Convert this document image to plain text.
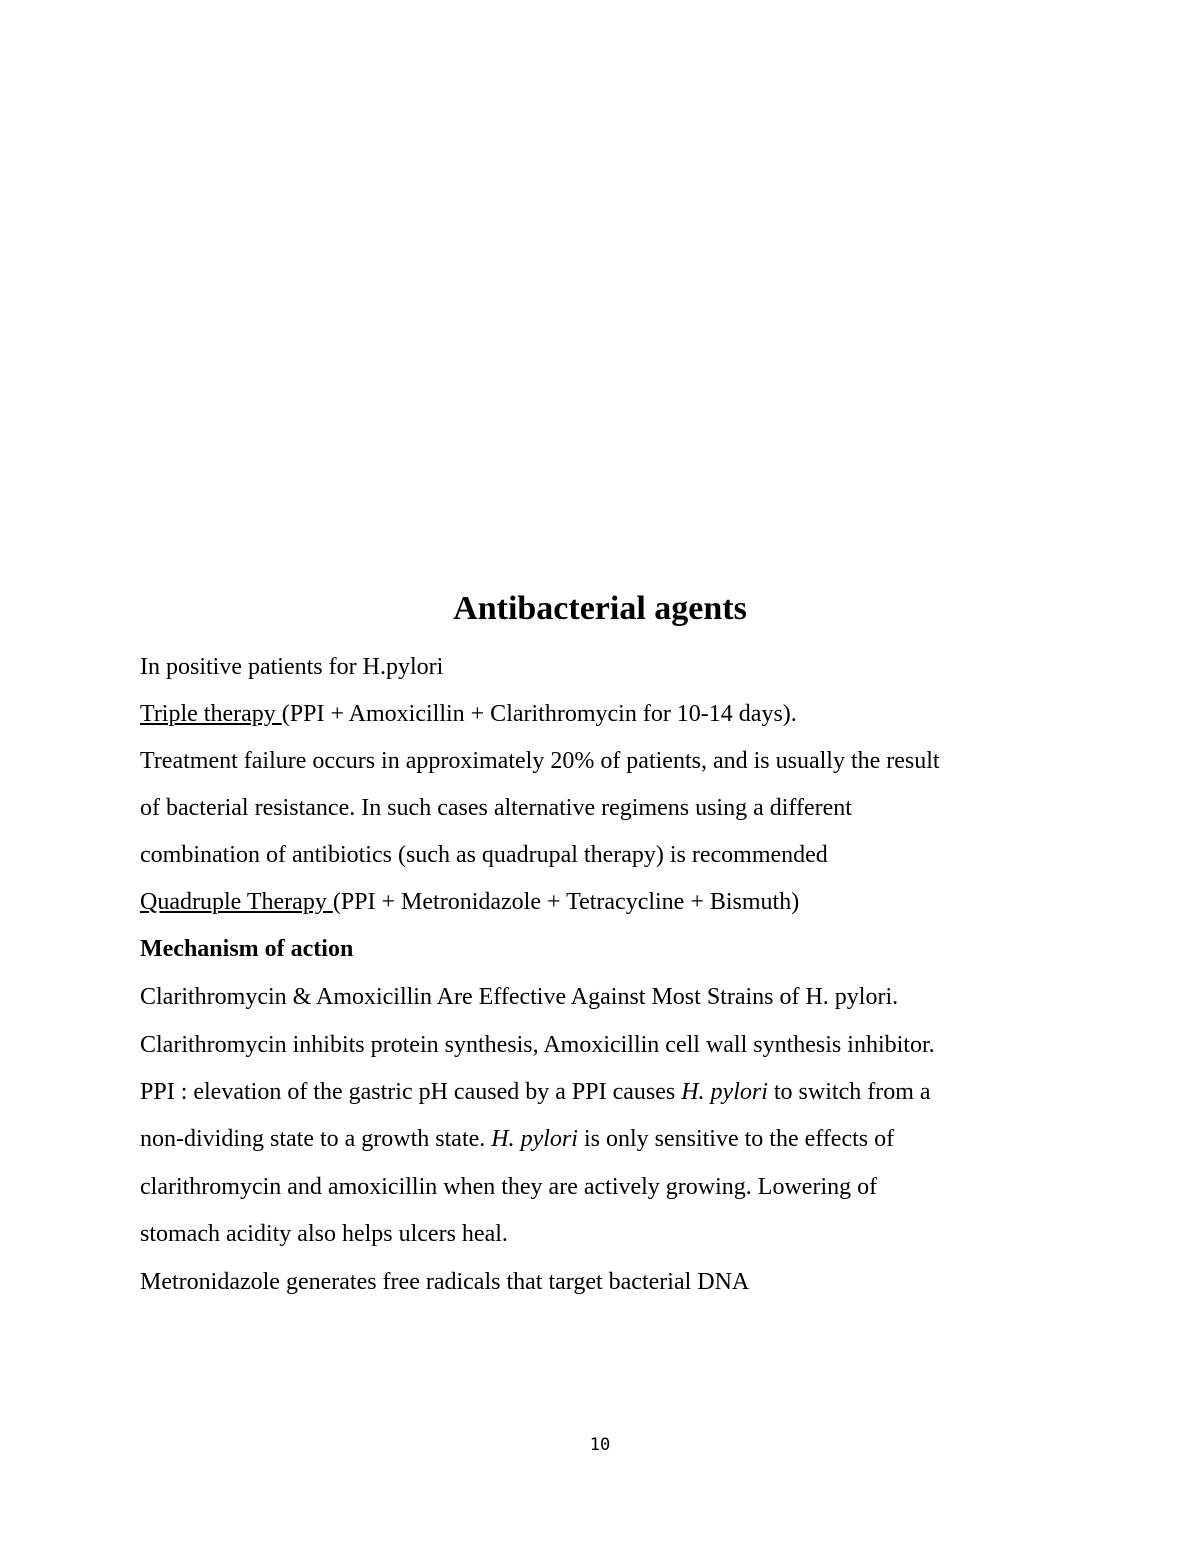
Antibacterial agents

In positive patients for H.pylori

Triple therapy (PPI + Amoxicillin + Clarithromycin for 10-14 days).

Treatment failure occurs in approximately 20% of patients, and is usually the result

of bacterial resistance. In such cases alternative regimens using a different

combination of antibiotics (such as quadrupal therapy) is recommended

Quadruple Therapy (PPI + Metronidazole + Tetracycline + Bismuth)

Mechanism of action

Clarithromycin & Amoxicillin Are Effective Against Most Strains of H. pylori.

Clarithromycin inhibits protein synthesis, Amoxicillin cell wall synthesis inhibitor.

PPI : elevation of the gastric pH caused by a PPI causes H. pylori to switch from a

non-dividing state to a growth state. H. pylori is only sensitive to the effects of

clarithromycin and amoxicillin when they are actively growing. Lowering of

stomach acidity also helps ulcers heal.

Metronidazole generates free radicals that target bacterial DNA

10
